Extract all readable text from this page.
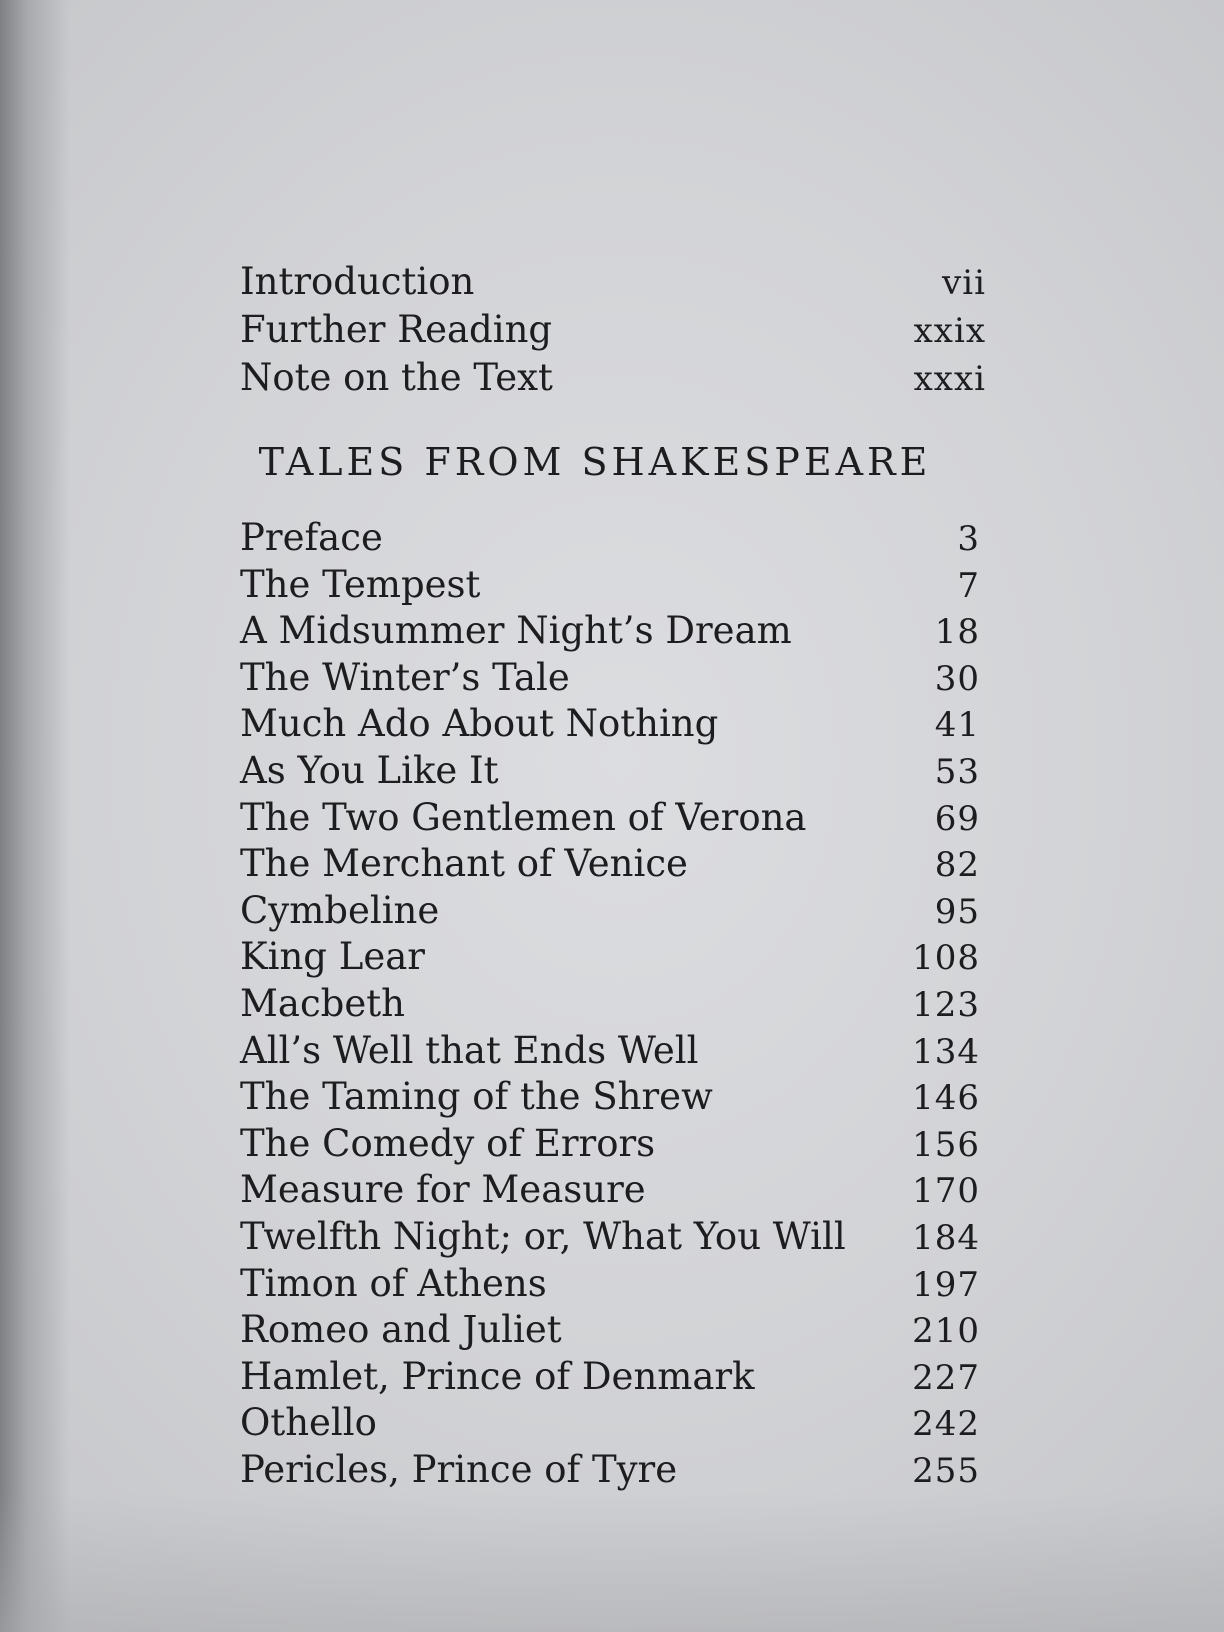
Introduction	vii
Further Reading	xxix
Note on the Text	xxxi
TALES FROM SHAKESPEARE
Preface	3
The Tempest	7
A Midsummer Night’s Dream	18
The Winter’s Tale	30
Much Ado About Nothing	41
As You Like It	53
The Two Gentlemen of Verona	69
The Merchant of Venice	82
Cymbeline	95
King Lear	108
Macbeth	123
All’s Well that Ends Well	134
The Taming of the Shrew	146
The Comedy of Errors	156
Measure for Measure	170
Twelfth Night; or, What You Will 184
Timon of Athens	197
Romeo and Juliet	210
Hamlet, Prince of Denmark	227
Othello	242
Pericles, Prince of Tyre	255
